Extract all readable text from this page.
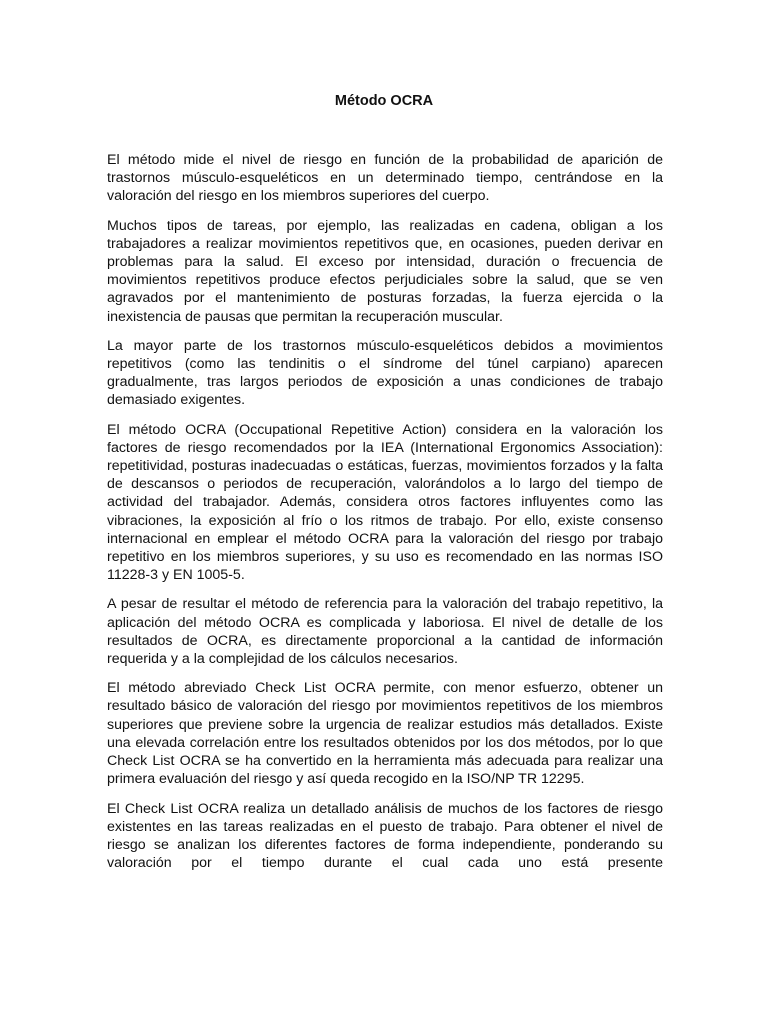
Método OCRA

El método mide el nivel de riesgo en función de la probabilidad de aparición de trastornos músculo-esqueléticos en un determinado tiempo, centrándose en la valoración del riesgo en los miembros superiores del cuerpo.

Muchos tipos de tareas, por ejemplo, las realizadas en cadena, obligan a los trabajadores a realizar movimientos repetitivos que, en ocasiones, pueden derivar en problemas para la salud. El exceso por intensidad, duración o frecuencia de movimientos repetitivos produce efectos perjudiciales sobre la salud, que se ven agravados por el mantenimiento de posturas forzadas, la fuerza ejercida o la inexistencia de pausas que permitan la recuperación muscular.

La mayor parte de los trastornos músculo-esqueléticos debidos a movimientos repetitivos (como las tendinitis o el síndrome del túnel carpiano) aparecen gradualmente, tras largos periodos de exposición a unas condiciones de trabajo demasiado exigentes.

El método OCRA (Occupational Repetitive Action) considera en la valoración los factores de riesgo recomendados por la IEA (International Ergonomics Association): repetitividad, posturas inadecuadas o estáticas, fuerzas, movimientos forzados y la falta de descansos o periodos de recuperación, valorándolos a lo largo del tiempo de actividad del trabajador. Además, considera otros factores influyentes como las vibraciones, la exposición al frío o los ritmos de trabajo. Por ello, existe consenso internacional en emplear el método OCRA para la valoración del riesgo por trabajo repetitivo en los miembros superiores, y su uso es recomendado en las normas ISO 11228-3 y EN 1005-5.

A pesar de resultar el método de referencia para la valoración del trabajo repetitivo, la aplicación del método OCRA es complicada y laboriosa. El nivel de detalle de los resultados de OCRA, es directamente proporcional a la cantidad de información requerida y a la complejidad de los cálculos necesarios.

El método abreviado Check List OCRA permite, con menor esfuerzo, obtener un resultado básico de valoración del riesgo por movimientos repetitivos de los miembros superiores que previene sobre la urgencia de realizar estudios más detallados. Existe una elevada correlación entre los resultados obtenidos por los dos métodos, por lo que Check List OCRA se ha convertido en la herramienta más adecuada para realizar una primera evaluación del riesgo y así queda recogido en la ISO/NP TR 12295.

El Check List OCRA realiza un detallado análisis de muchos de los factores de riesgo existentes en las tareas realizadas en el puesto de trabajo. Para obtener el nivel de riesgo se analizan los diferentes factores de forma independiente, ponderando su valoración por el tiempo durante el cual cada uno está presente
